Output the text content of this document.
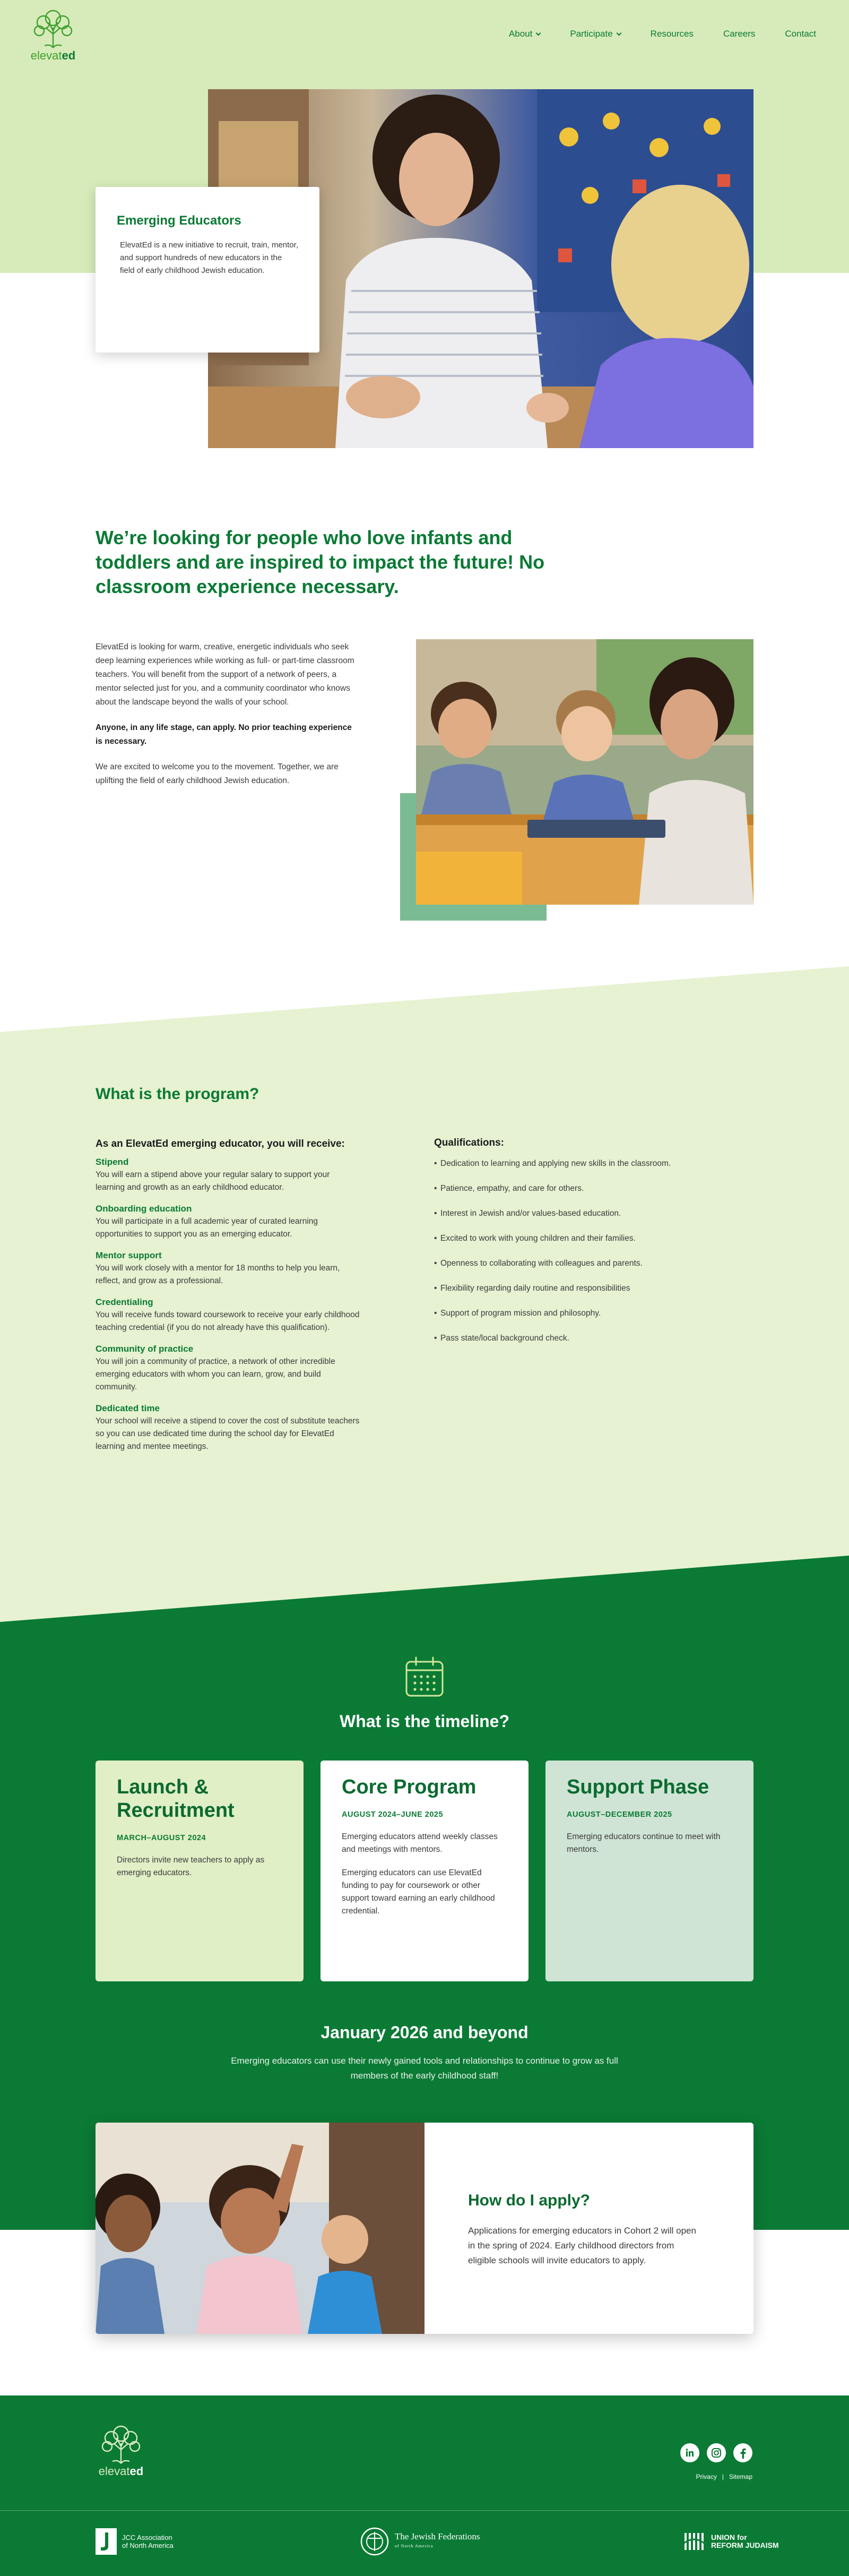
elevated
About	Participate	Resources	Careers	Contact
Emerging Educators

ElevatEd is a new initiative to recruit, train, mentor, and support hundreds of new educators in the field of early childhood Jewish education.

We’re looking for people who love infants and toddlers and are inspired to impact the future! No classroom experience necessary.

ElevatEd is looking for warm, creative, energetic individuals who seek deep learning experiences while working as full- or part-time classroom teachers. You will benefit from the support of a network of peers, a mentor selected just for you, and a community coordinator who knows about the landscape beyond the walls of your school.

Anyone, in any life stage, can apply. No prior teaching experience is necessary.

We are excited to welcome you to the movement. Together, we are uplifting the field of early childhood Jewish education.

What is the program?
As an ElevatEd emerging educator, you will receive:
Stipend
You will earn a stipend above your regular salary to support your learning and growth as an early childhood educator.
Onboarding education
You will participate in a full academic year of curated learning opportunities to support you as an emerging educator.
Mentor support
You will work closely with a mentor for 18 months to help you learn, reflect, and grow as a professional.
Credentialing
You will receive funds toward coursework to receive your early childhood teaching credential (if you do not already have this qualification).
Community of practice
You will join a community of practice, a network of other incredible emerging educators with whom you can learn, grow, and build community.
Dedicated time
Your school will receive a stipend to cover the cost of substitute teachers so you can use dedicated time during the school day for ElevatEd learning and mentee meetings.
Qualifications:
• Dedication to learning and applying new skills in the classroom.
• Patience, empathy, and care for others.
• Interest in Jewish and/or values-based education.
• Excited to work with young children and their families.
• Openness to collaborating with colleagues and parents.
• Flexibility regarding daily routine and responsibilities
• Support of program mission and philosophy.
• Pass state/local background check.
What is the timeline?
Launch & Recruitment
MARCH–AUGUST 2024

Directors invite new teachers to apply as emerging educators.

Core Program
AUGUST 2024–JUNE 2025

Emerging educators attend weekly classes and meetings with mentors.

Emerging educators can use ElevatEd funding to pay for coursework or other support toward earning an early childhood credential.

Support Phase
AUGUST–DECEMBER 2025

Emerging educators continue to meet with mentors.

January 2026 and beyond

Emerging educators can use their newly gained tools and relationships to continue to grow as full members of the early childhood staff!

How do I apply?

Applications for emerging educators in Cohort 2 will open in the spring of 2024. Early childhood directors from eligible schools will invite educators to apply.

elevated	Privacy | Sitemap
JCC Association
of North America
The Jewish Federations
of North America
UNION for
REFORM JUDAISM
